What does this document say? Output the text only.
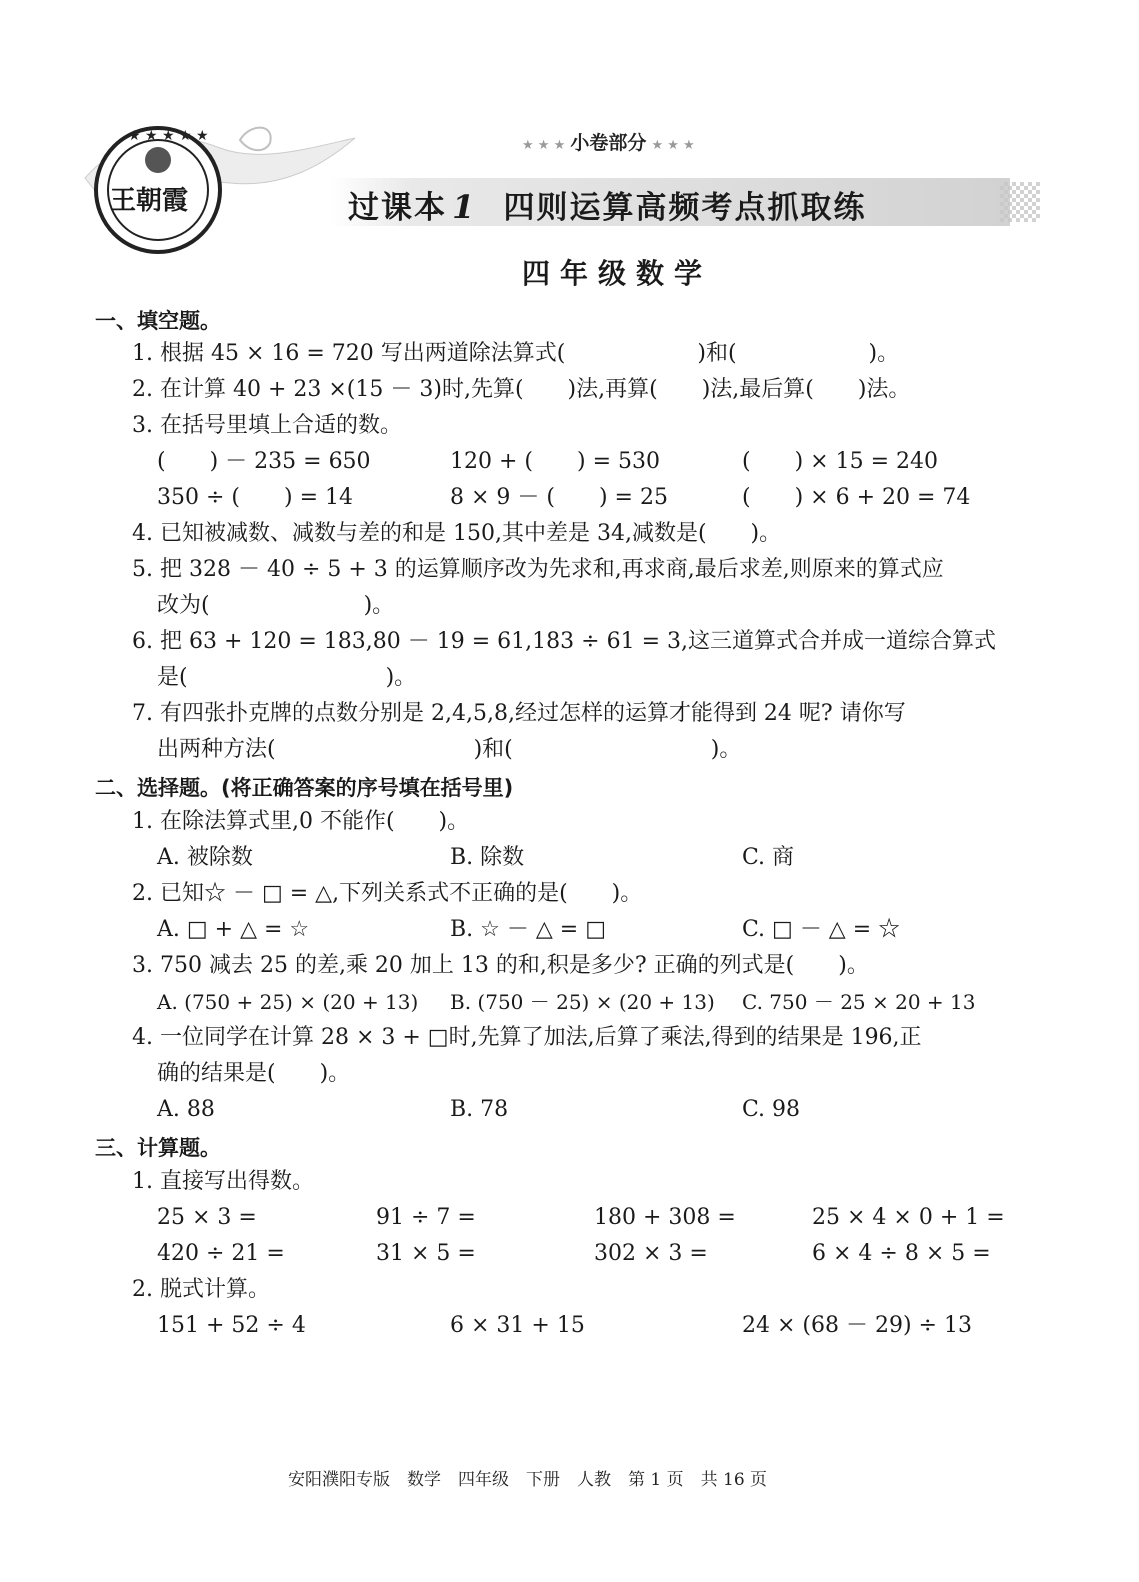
★ ★ ★ ★ ★
王朝霞
★ ★ ★ 小卷部分 ★ ★ ★
过课本 1 四则运算高频考点抓取练
四年级数学
一、填空题。
1. 根据 45 × 16 = 720 写出两道除法算式(　　　　　　)和(　　　　　　)。
2. 在计算 40 + 23 ×(15 － 3)时,先算(　　)法,再算(　　)法,最后算(　　)法。
3. 在括号里填上合适的数。
(　　) － 235 = 650	120 + (　　) = 530	(　　) × 15 = 240
350 ÷ (　　) = 14	8 × 9 － (　　) = 25	(　　) × 6 + 20 = 74
4. 已知被减数、减数与差的和是 150,其中差是 34,减数是(　　)。
5. 把 328 － 40 ÷ 5 + 3 的运算顺序改为先求和,再求商,最后求差,则原来的算式应
改为(　　　　　　　)。
6. 把 63 + 120 = 183,80 － 19 = 61,183 ÷ 61 = 3,这三道算式合并成一道综合算式
是(　　　　　　　　　)。
7. 有四张扑克牌的点数分别是 2,4,5,8,经过怎样的运算才能得到 24 呢? 请你写
出两种方法(　　　　　　　　　)和(　　　　　　　　　)。
二、选择题。(将正确答案的序号填在括号里)
1. 在除法算式里,0 不能作(　　)。
A. 被除数	B. 除数	C. 商
2. 已知☆ － □ = △,下列关系式不正确的是(　　)。
A. □ + △ = ☆	B. ☆ － △ = □	C. □ － △ = ☆
3. 750 减去 25 的差,乘 20 加上 13 的和,积是多少? 正确的列式是(　　)。
A. (750 + 25) × (20 + 13) B. (750 － 25) × (20 + 13) C. 750 － 25 × 20 + 13
4. 一位同学在计算 28 × 3 + □时,先算了加法,后算了乘法,得到的结果是 196,正
确的结果是(　　)。
A. 88	B. 78	C. 98
三、计算题。
1. 直接写出得数。
25 × 3 =	91 ÷ 7 =	180 + 308 =	25 × 4 × 0 + 1 =
420 ÷ 21 =	31 × 5 =	302 × 3 =	6 × 4 ÷ 8 × 5 =
2. 脱式计算。
151 + 52 ÷ 4	6 × 31 + 15	24 × (68 － 29) ÷ 13
安阳濮阳专版　数学　四年级　下册　人教　第 1 页　共 16 页
